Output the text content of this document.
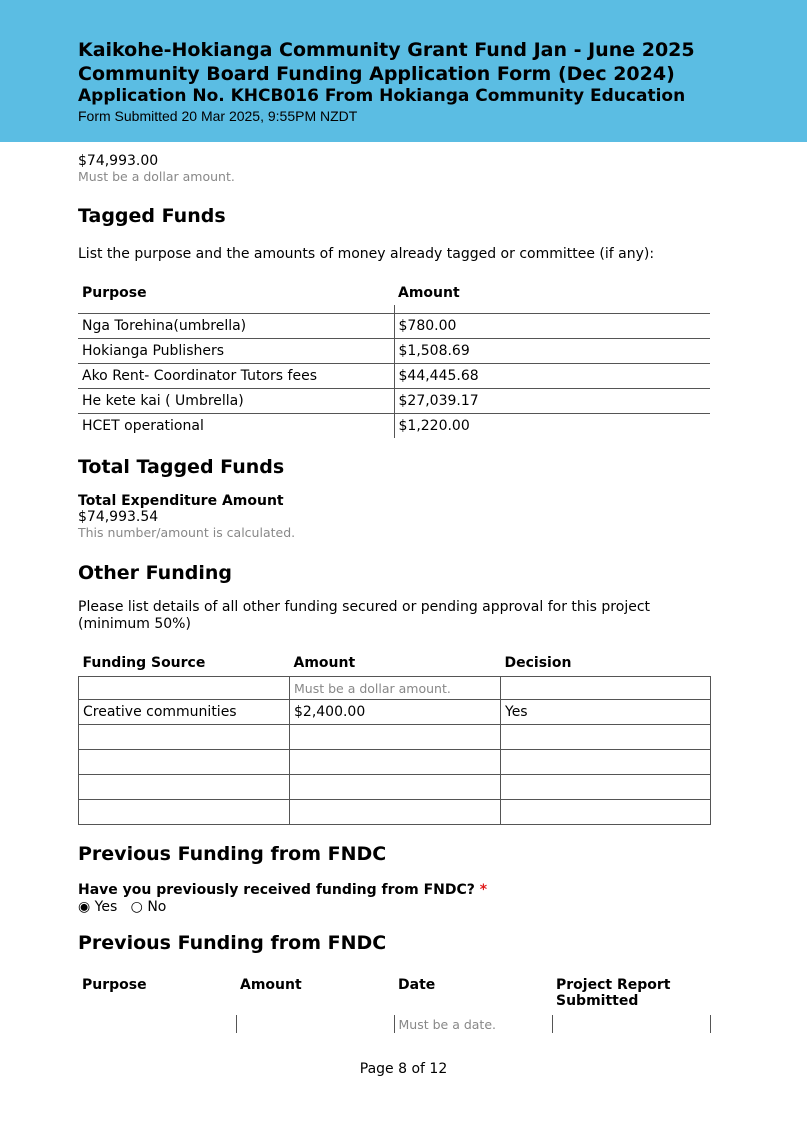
Kaikohe-Hokianga Community Grant Fund Jan - June 2025

Community Board Funding Application Form (Dec 2024)

Application No. KHCB016 From Hokianga Community Education

Form Submitted 20 Mar 2025, 9:55PM NZDT

$74,993.00
Must be a dollar amount.
Tagged Funds

List the purpose and the amounts of money already tagged or committee (if any):

Purpose	Amount

Nga Torehina(umbrella)	$780.00
Hokianga Publishers	$1,508.69
Ako Rent- Coordinator Tutors fees	$44,445.68
He kete kai ( Umbrella)	$27,039.17
HCET operational	$1,220.00
Total Tagged Funds
Total Expenditure Amount
$74,993.54
This number/amount is calculated.
Other Funding

Please list details of all other funding secured or pending approval for this project (minimum 50%)

Funding Source	Amount	Decision
	Must be a dollar amount.	
Creative communities	$2,400.00	Yes

Previous Funding from FNDC
Have you previously received funding from FNDC? *
◉ Yes ○ No
Previous Funding from FNDC
Purpose	Amount	Date	Project Report Submitted
		Must be a date.	
Page 8 of 12
